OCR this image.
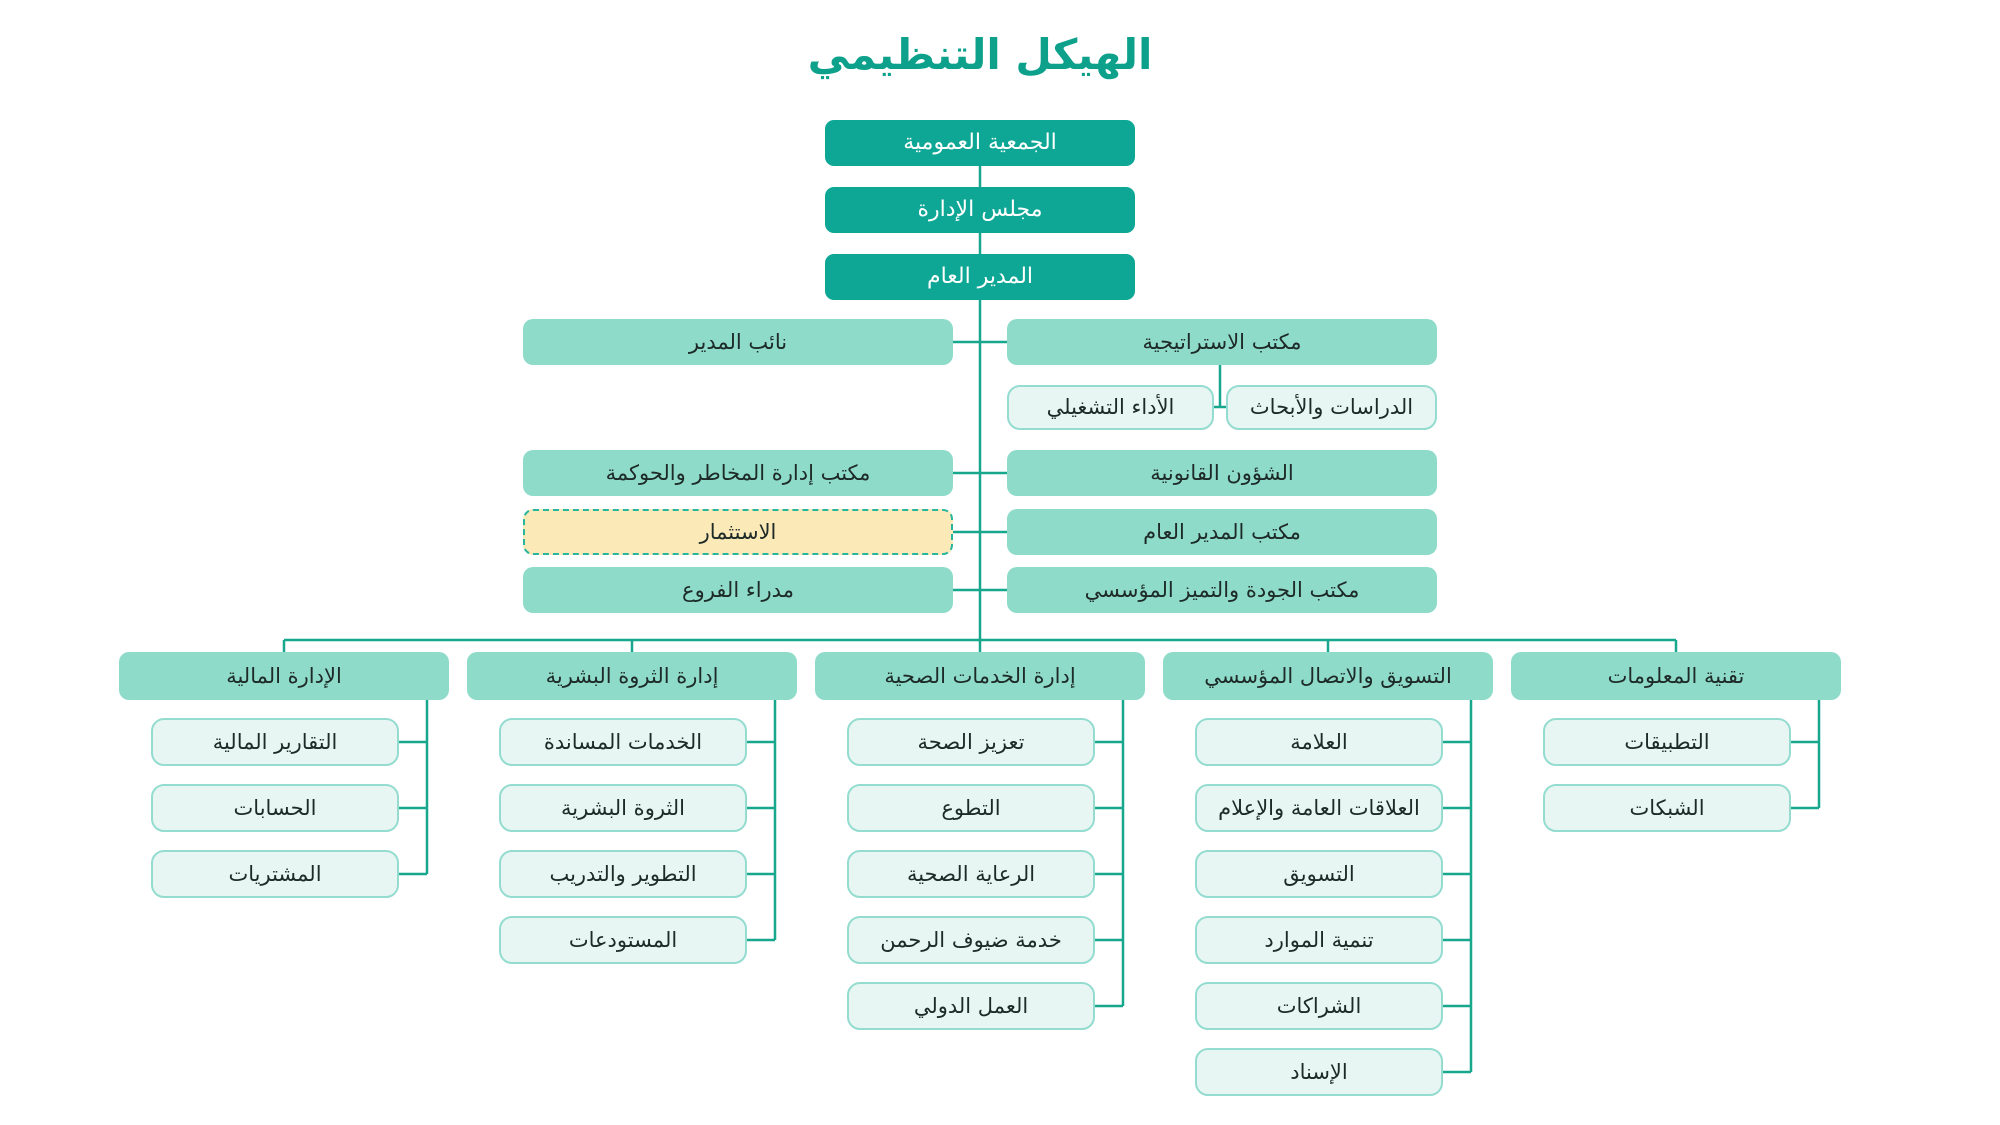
الهيكل التنظيمي
الجمعية العمومية
مجلس الإدارة
المدير العام
نائب المدير	مكتب الاستراتيجية
مكتب إدارة المخاطر والحوكمة	الشؤون القانونية
الاستثمار	مكتب المدير العام
مدراء الفروع	مكتب الجودة والتميز المؤسسي
الأداء التشغيلي	الدراسات والأبحاث
الإدارة المالية
التقارير المالية
الحسابات
المشتريات
إدارة الثروة البشرية
الخدمات المساندة
الثروة البشرية
التطوير والتدريب
المستودعات
إدارة الخدمات الصحية
تعزيز الصحة
التطوع
الرعاية الصحية
خدمة ضيوف الرحمن
العمل الدولي
التسويق والاتصال المؤسسي
العلامة
العلاقات العامة والإعلام
التسويق
تنمية الموارد
الشراكات
الإسناد
تقنية المعلومات
التطبيقات
الشبكات
